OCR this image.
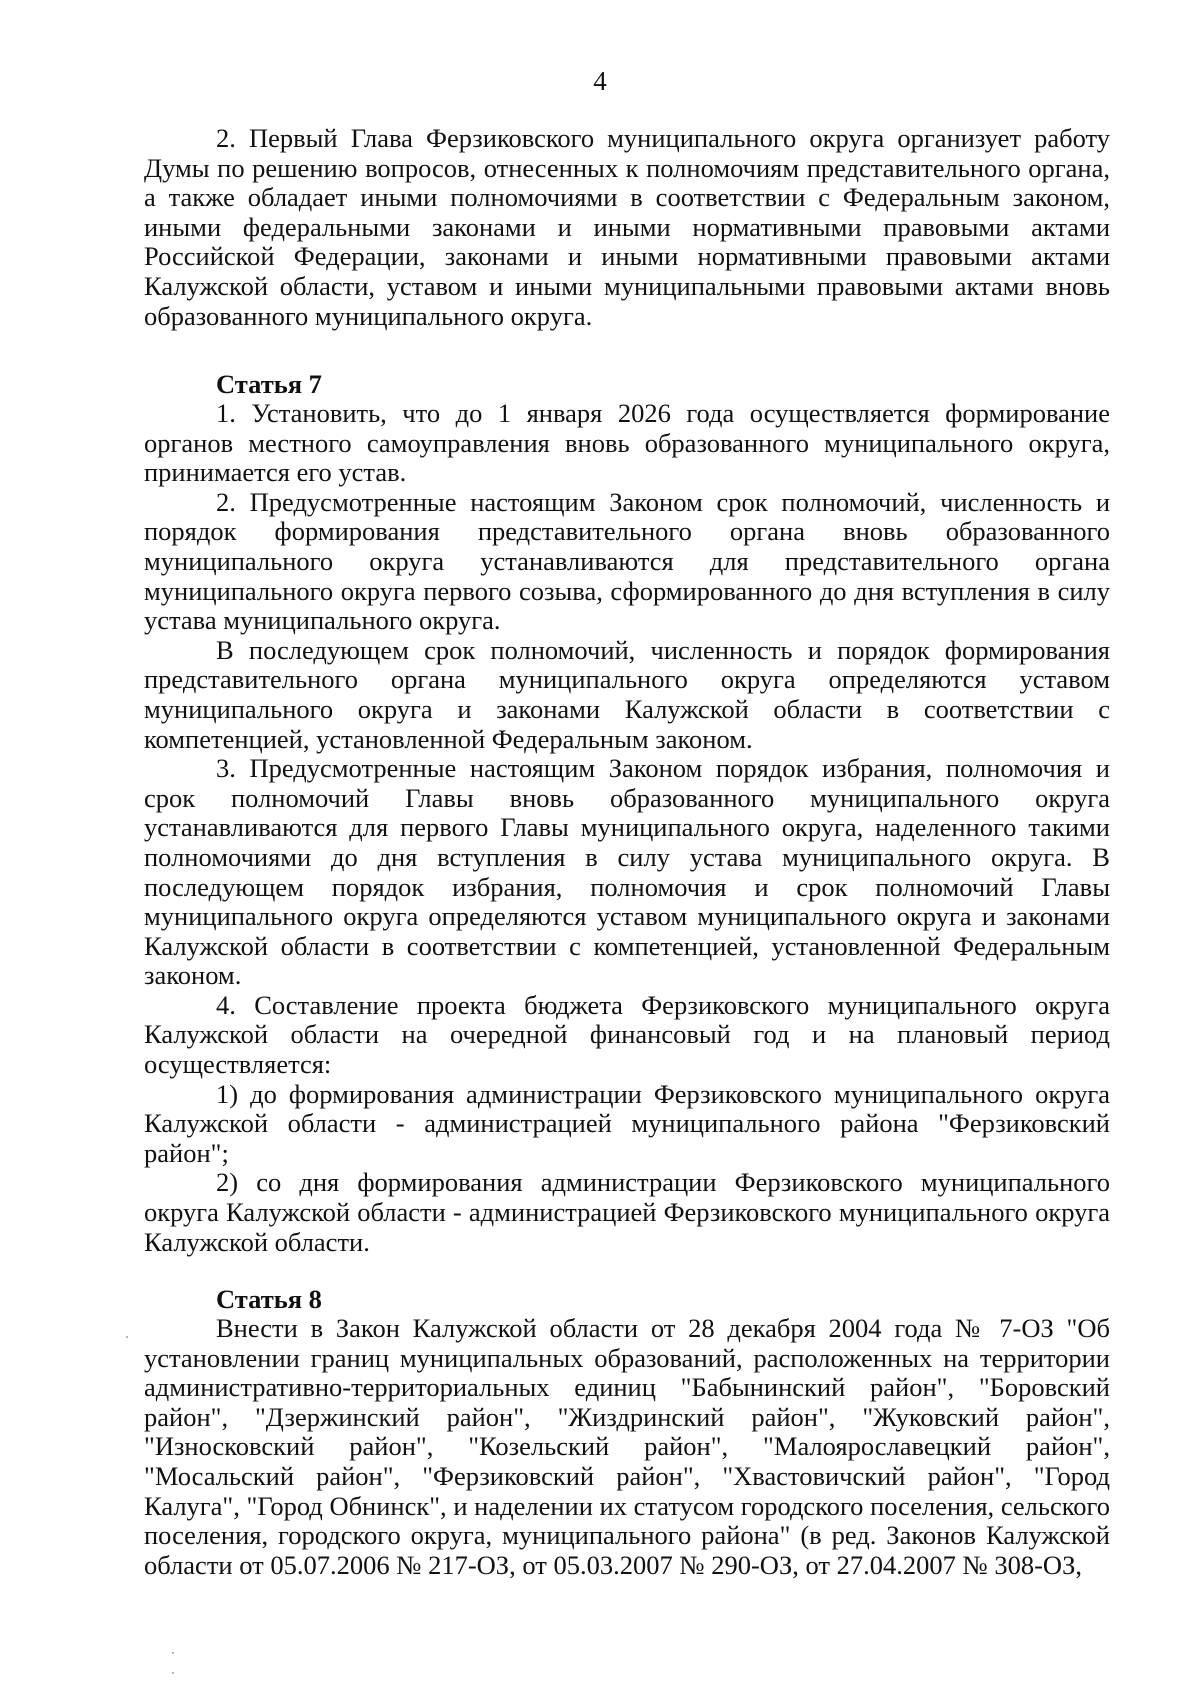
4

2. Первый Глава Ферзиковского муниципального округа организует работу Думы по решению вопросов, отнесенных к полномочиям представительного органа, а также обладает иными полномочиями в соответствии с Федеральным законом, иными федеральными законами и иными нормативными правовыми актами Российской Федерации, законами и иными нормативными правовыми актами Калужской области, уставом и иными муниципальными правовыми актами вновь образованного муниципального округа.

Статья 7

1. Установить, что до 1 января 2026 года осуществляется формирование органов местного самоуправления вновь образованного муниципального округа, принимается его устав.

2. Предусмотренные настоящим Законом срок полномочий, численность и порядок формирования представительного органа вновь образованного муниципального округа устанавливаются для представительного органа муниципального округа первого созыва, сформированного до дня вступления в силу устава муниципального округа.

В последующем срок полномочий, численность и порядок формирования представительного органа муниципального округа определяются уставом муниципального округа и законами Калужской области в соответствии с компетенцией, установленной Федеральным законом.

3. Предусмотренные настоящим Законом порядок избрания, полномочия и срок полномочий Главы вновь образованного муниципального округа устанавливаются для первого Главы муниципального округа, наделенного такими полномочиями до дня вступления в силу устава муниципального округа. В последующем порядок избрания, полномочия и срок полномочий Главы муниципального округа определяются уставом муниципального округа и законами Калужской области в соответствии с компетенцией, установленной Федеральным законом.

4. Составление проекта бюджета Ферзиковского муниципального округа Калужской области на очередной финансовый год и на плановый период осуществляется:

1) до формирования администрации Ферзиковского муниципального округа Калужской области - администрацией муниципального района "Ферзиковский район";

2) со дня формирования администрации Ферзиковского муниципального округа Калужской области - администрацией Ферзиковского муниципального округа Калужской области.

Статья 8

Внести в Закон Калужской области от 28 декабря 2004 года № 7-ОЗ "Об установлении границ муниципальных образований, расположенных на территории административно-территориальных единиц "Бабынинский район", "Боровский район", "Дзержинский район", "Жиздринский район", "Жуковский район", "Износковский район", "Козельский район", "Малоярославецкий район", "Мосальский район", "Ферзиковский район", "Хвастовичский район", "Город Калуга", "Город Обнинск", и наделении их статусом городского поселения, сельского поселения, городского округа, муниципального района" (в ред. Законов Калужской области от 05.07.2006 № 217-ОЗ, от 05.03.2007 № 290-ОЗ, от 27.04.2007 № 308-ОЗ,
